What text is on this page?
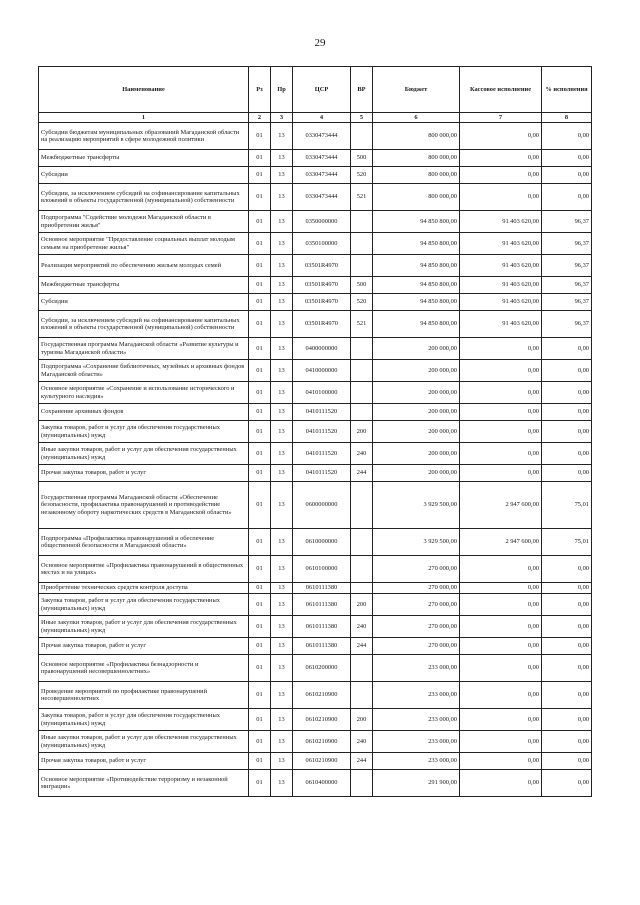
29
Наименование	Рз	Пр	ЦСР	ВР	Бюджет	Кассовое исполнение	% исполнения
1	2	3	4	5	6	7	8
Субсидии бюджетам муниципальных образований Магаданской области на реализацию мероприятий в сфере молодежной политики	01	13	0330473444		800 000,00	0,00	0,00
Межбюджетные трансферты	01	13	0330473444	500	800 000,00	0,00	0,00
Субсидии	01	13	0330473444	520	800 000,00	0,00	0,00
Субсидии, за исключением субсидий на софинансирование капитальных вложений в объекты государственной (муниципальной) собственности	01	13	0330473444	521	800 000,00	0,00	0,00
Подпрограмма "Содействие молодежи Магаданской области в приобретении жилья"	01	13	0350000000		94 850 800,00	91 403 620,00	96,37
Основное мероприятие "Предоставление социальных выплат молодым семьям на приобретение жилья"	01	13	0350100000		94 850 800,00	91 403 620,00	96,37
Реализация мероприятий по обеспечению жильем молодых семей	01	13	03501R4970		94 850 800,00	91 403 620,00	96,37
Межбюджетные трансферты	01	13	03501R4970	500	94 850 800,00	91 403 620,00	96,37
Субсидии	01	13	03501R4970	520	94 850 800,00	91 403 620,00	96,37
Субсидии, за исключением субсидий на софинансирование капитальных вложений в объекты государственной (муниципальной) собственности	01	13	03501R4970	521	94 850 800,00	91 403 620,00	96,37
Государственная программа Магаданской области «Развитие культуры и туризма Магаданской области»	01	13	0400000000		200 000,00	0,00	0,00
Подпрограмма «Сохранение библиотечных, музейных и архивных фондов Магаданской области»	01	13	0410000000		200 000,00	0,00	0,00
Основное мероприятие «Сохранение и использование исторического и культурного наследия»	01	13	0410100000		200 000,00	0,00	0,00
Сохранение архивных фондов	01	13	0410111520		200 000,00	0,00	0,00
Закупка товаров, работ и услуг для обеспечения государственных (муниципальных) нужд	01	13	0410111520	200	200 000,00	0,00	0,00
Иные закупки товаров, работ и услуг для обеспечения государственных (муниципальных) нужд	01	13	0410111520	240	200 000,00	0,00	0,00
Прочая закупка товаров, работ и услуг	01	13	0410111520	244	200 000,00	0,00	0,00
Государственная программа Магаданской области «Обеспечение безопасности, профилактика правонарушений и противодействие незаконному обороту наркотических средств в Магаданской области»	01	13	0600000000		3 929 500,00	2 947 600,00	75,01
Подпрограмма «Профилактика правонарушений и обеспечение общественной безопасности в Магаданской области»	01	13	0610000000		3 929 500,00	2 947 600,00	75,01
Основное мероприятие «Профилактика правонарушений в общественных местах и на улицах»	01	13	0610100000		270 000,00	0,00	0,00
Приобретение технических средств контроля доступа	01	13	0610111380		270 000,00	0,00	0,00
Закупка товаров, работ и услуг для обеспечения государственных (муниципальных) нужд	01	13	0610111380	200	270 000,00	0,00	0,00
Иные закупки товаров, работ и услуг для обеспечения государственных (муниципальных) нужд	01	13	0610111380	240	270 000,00	0,00	0,00
Прочая закупка товаров, работ и услуг	01	13	0610111380	244	270 000,00	0,00	0,00
Основное мероприятие «Профилактика безнадзорности и правонарушений несовершеннолетних»	01	13	0610200000		233 000,00	0,00	0,00
Проведение мероприятий по профилактике правонарушений несовершеннолетних	01	13	0610210900		233 000,00	0,00	0,00
Закупка товаров, работ и услуг для обеспечения государственных (муниципальных) нужд	01	13	0610210900	200	233 000,00	0,00	0,00
Иные закупки товаров, работ и услуг для обеспечения государственных (муниципальных) нужд	01	13	0610210900	240	233 000,00	0,00	0,00
Прочая закупка товаров, работ и услуг	01	13	0610210900	244	233 000,00	0,00	0,00
Основное мероприятие «Противодействие терроризму и незаконной миграции»	01	13	0610400000		291 900,00	0,00	0,00
